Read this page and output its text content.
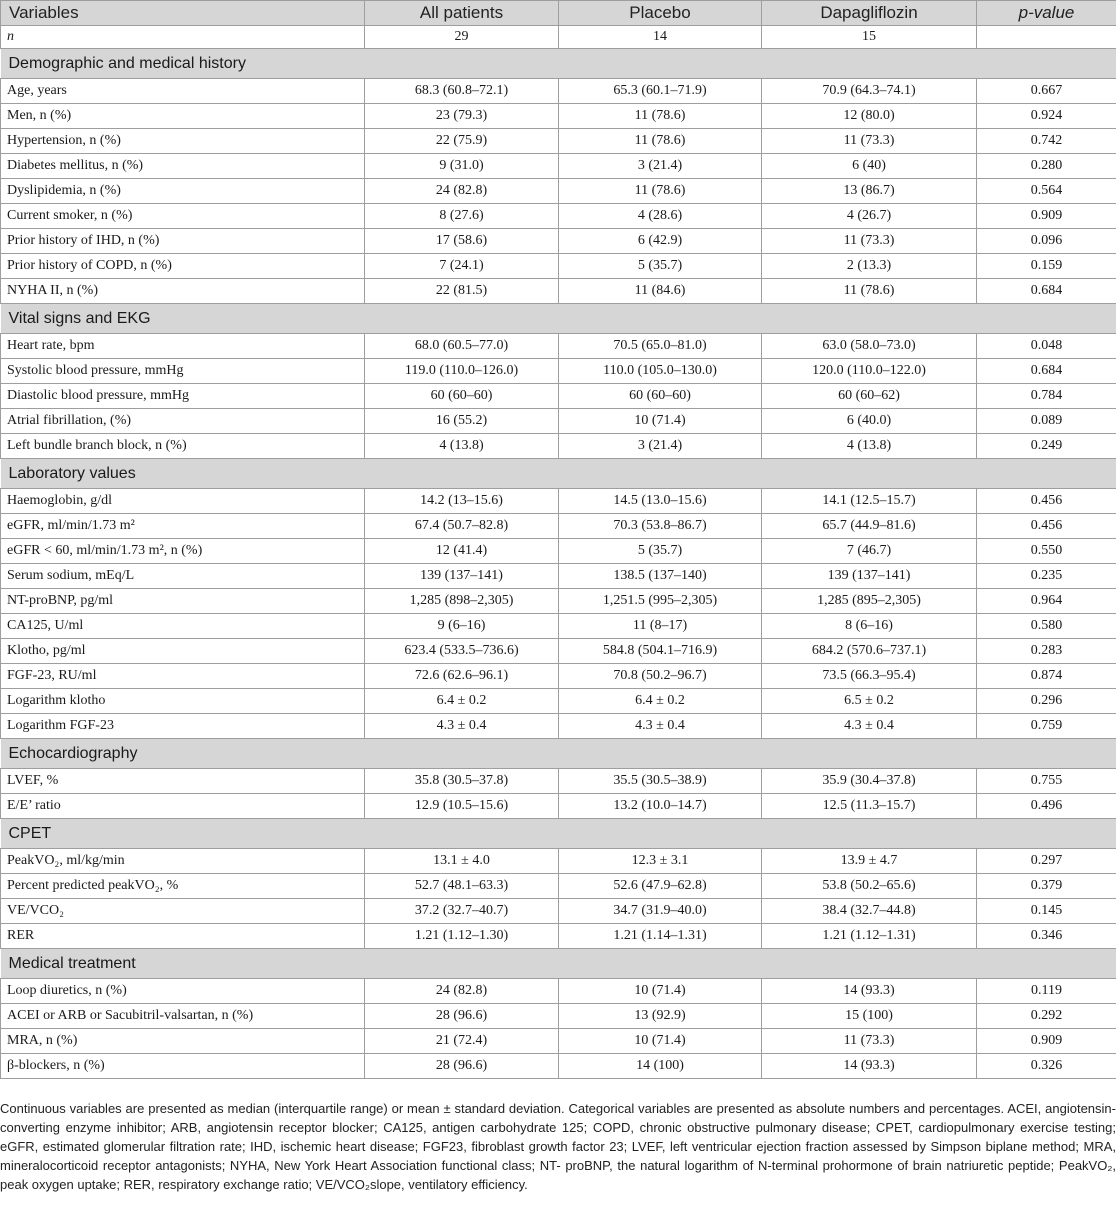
Variables	All patients	Placebo	Dapagliflozin	p-value
n	29	14	15	
Demographic and medical history				
Age, years	68.3 (60.8–72.1)	65.3 (60.1–71.9)	70.9 (64.3–74.1)	0.667
Men, n (%)	23 (79.3)	11 (78.6)	12 (80.0)	0.924
Hypertension, n (%)	22 (75.9)	11 (78.6)	11 (73.3)	0.742
Diabetes mellitus, n (%)	9 (31.0)	3 (21.4)	6 (40)	0.280
Dyslipidemia, n (%)	24 (82.8)	11 (78.6)	13 (86.7)	0.564
Current smoker, n (%)	8 (27.6)	4 (28.6)	4 (26.7)	0.909
Prior history of IHD, n (%)	17 (58.6)	6 (42.9)	11 (73.3)	0.096
Prior history of COPD, n (%)	7 (24.1)	5 (35.7)	2 (13.3)	0.159
NYHA II, n (%)	22 (81.5)	11 (84.6)	11 (78.6)	0.684
Vital signs and EKG				
Heart rate, bpm	68.0 (60.5–77.0)	70.5 (65.0–81.0)	63.0 (58.0–73.0)	0.048
Systolic blood pressure, mmHg	119.0 (110.0–126.0)	110.0 (105.0–130.0)	120.0 (110.0–122.0)	0.684
Diastolic blood pressure, mmHg	60 (60–60)	60 (60–60)	60 (60–62)	0.784
Atrial fibrillation, (%)	16 (55.2)	10 (71.4)	6 (40.0)	0.089
Left bundle branch block, n (%)	4 (13.8)	3 (21.4)	4 (13.8)	0.249
Laboratory values				
Haemoglobin, g/dl	14.2 (13–15.6)	14.5 (13.0–15.6)	14.1 (12.5–15.7)	0.456
eGFR, ml/min/1.73 m²	67.4 (50.7–82.8)	70.3 (53.8–86.7)	65.7 (44.9–81.6)	0.456
eGFR < 60, ml/min/1.73 m², n (%)	12 (41.4)	5 (35.7)	7 (46.7)	0.550
Serum sodium, mEq/L	139 (137–141)	138.5 (137–140)	139 (137–141)	0.235
NT-proBNP, pg/ml	1,285 (898–2,305)	1,251.5 (995–2,305)	1,285 (895–2,305)	0.964
CA125, U/ml	9 (6–16)	11 (8–17)	8 (6–16)	0.580
Klotho, pg/ml	623.4 (533.5–736.6)	584.8 (504.1–716.9)	684.2 (570.6–737.1)	0.283
FGF-23, RU/ml	72.6 (62.6–96.1)	70.8 (50.2–96.7)	73.5 (66.3–95.4)	0.874
Logarithm klotho	6.4 ± 0.2	6.4 ± 0.2	6.5 ± 0.2	0.296
Logarithm FGF-23	4.3 ± 0.4	4.3 ± 0.4	4.3 ± 0.4	0.759
Echocardiography				
LVEF, %	35.8 (30.5–37.8)	35.5 (30.5–38.9)	35.9 (30.4–37.8)	0.755
E/E’ ratio	12.9 (10.5–15.6)	13.2 (10.0–14.7)	12.5 (11.3–15.7)	0.496
CPET				
PeakVO₂, ml/kg/min	13.1 ± 4.0	12.3 ± 3.1	13.9 ± 4.7	0.297
Percent predicted peakVO₂, %	52.7 (48.1–63.3)	52.6 (47.9–62.8)	53.8 (50.2–65.6)	0.379
VE/VCO₂	37.2 (32.7–40.7)	34.7 (31.9–40.0)	38.4 (32.7–44.8)	0.145
RER	1.21 (1.12–1.30)	1.21 (1.14–1.31)	1.21 (1.12–1.31)	0.346
Medical treatment				
Loop diuretics, n (%)	24 (82.8)	10 (71.4)	14 (93.3)	0.119
ACEI or ARB or Sacubitril-valsartan, n (%)	28 (96.6)	13 (92.9)	15 (100)	0.292
MRA, n (%)	21 (72.4)	10 (71.4)	11 (73.3)	0.909
β-blockers, n (%)	28 (96.6)	14 (100)	14 (93.3)	0.326
Continuous variables are presented as median (interquartile range) or mean ± standard deviation. Categorical variables are presented as absolute numbers and percentages. ACEI, angiotensin-converting enzyme inhibitor; ARB, angiotensin receptor blocker; CA125, antigen carbohydrate 125; COPD, chronic obstructive pulmonary disease; CPET, cardiopulmonary exercise testing; eGFR, estimated glomerular filtration rate; IHD, ischemic heart disease; FGF23, fibroblast growth factor 23; LVEF, left ventricular ejection fraction assessed by Simpson biplane method; MRA, mineralocorticoid receptor antagonists; NYHA, New York Heart Association functional class; NT- proBNP, the natural logarithm of N-terminal prohormone of brain natriuretic peptide; PeakVO₂, peak oxygen uptake; RER, respiratory exchange ratio; VE/VCO₂slope, ventilatory efficiency.
